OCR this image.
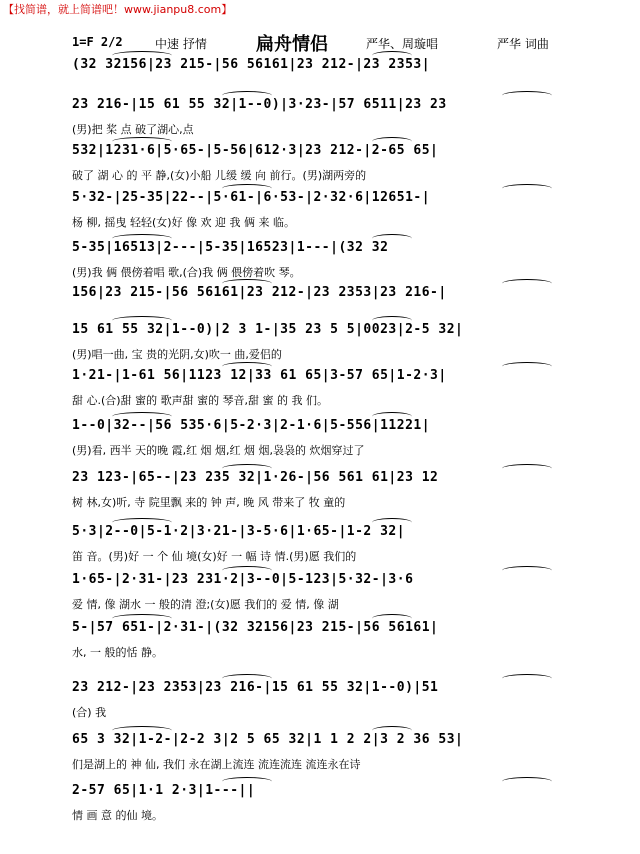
【找简谱，就上简谱吧！www.jianpu8.com】
1=F 2/2	中速 抒情	扁舟情侣	严华、周璇唱	严华 词曲
(32 32156|23 215-|56 56161|23 212-|23 2353|
23 216-|15 61 55 32|1--0)|3·23-|57 6511|23 23
(男)把 桨 点 破了湖心,点
532|1231·6|5·65-|5-56|612·3|23 212-|2-65 65|
破了 湖 心 的 平 静,(女)小船 儿缓 缓 向 前行。(男)湖两旁的
5·32-|25-35|22--|5·61-|6·53-|2·32·6|12651-|
杨 柳, 摇曳 轻轻(女)好 像 欢 迎 我 俩 来 临。
5-35|16513|2---|5-35|16523|1---|(32 32
(男)我 俩 偎傍着唱 歌,(合)我 俩 偎傍着吹 琴。
156|23 215-|56 56161|23 212-|23 2353|23 216-|
15 61 55 32|1--0)|2 3 1-|35 23 5 5|0023|2-5 32|
(男)唱一曲, 宝 贵的光阴,女)吹一 曲,爱侣的
1·21-|1-61 56|1123 12|33 61 65|3-57 65|1-2·3|
甜 心.(合)甜 蜜的 歌声甜 蜜的 琴音,甜 蜜 的 我 们。
1--0|32--|56 535·6|5-2·3|2-1·6|5-556|11221|
(男)看, 西半 天的晚 霞,红 烟 烟,红 烟 烟,袅袅的 炊烟穿过了
23 123-|65--|23 235 32|1·26-|56 561 61|23 12
树 林,女)听, 寺 院里飘 来的 钟 声, 晚 风 带来了 牧 童的
5·3|2--0|5-1·2|3·21-|3-5·6|1·65-|1-2 32|
笛 音。(男)好 一 个 仙 境(女)好 一 幅 诗 情.(男)愿 我们的
1·65-|2·31-|23 231·2|3--0|5-123|5·32-|3·6
爱 情, 像 湖水 一 般的清 澄;(女)愿 我们的 爱 情, 像 湖
5-|57 651-|2·31-|(32 32156|23 215-|56 56161|
水, 一 般的恬 静。
23 212-|23 2353|23 216-|15 61 55 32|1--0)|51
(合) 我
65 3 32|1-2-|2-2 3|2 5 65 32|1 1 2 2|3 2 36 53|
们是湖上的 神 仙, 我们 永在湖上流连 流连流连 流连永在诗
2-57 65|1·1 2·3|1---||
情 画 意 的仙 境。
